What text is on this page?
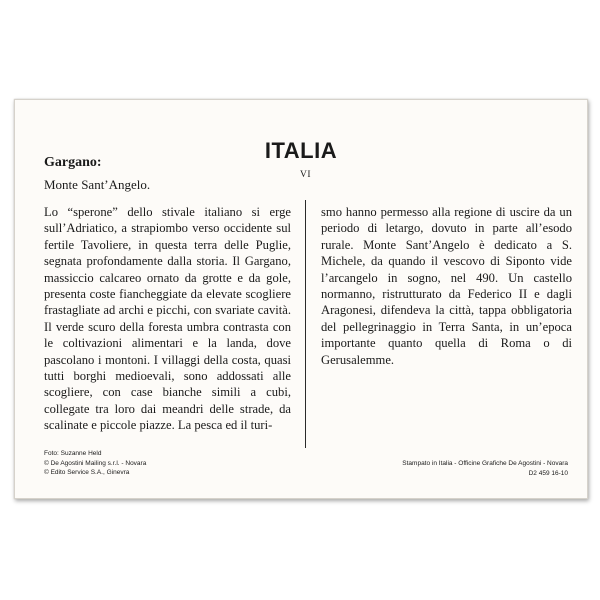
ITALIA
Gargano:
Monte Sant’Angelo.
VI
Lo “sperone” dello stivale italiano si erge sull’Adriatico, a strapiombo verso occidente sul fertile Tavoliere, in questa terra delle Puglie, segnata profondamente dalla storia. Il Gargano, massiccio calcareo ornato da grotte e da gole, presenta coste fiancheggiate da elevate scogliere frastagliate ad archi e picchi, con svariate cavità. Il verde scuro della foresta umbra contrasta con le coltivazioni alimentari e la landa, dove pascolano i montoni. I villaggi della costa, quasi tutti borghi medioevali, sono addossati alle scogliere, con case bianche simili a cubi, collegate tra loro dai meandri delle strade, da scalinate e piccole piazze. La pesca ed il turi-
smo hanno permesso alla regione di uscire da un periodo di letargo, dovuto in parte all’esodo rurale. Monte Sant’Angelo è dedicato a S. Michele, da quando il vescovo di Siponto vide l’arcangelo in sogno, nel 490. Un castello normanno, ristrutturato da Federico II e dagli Aragonesi, difendeva la città, tappa obbligatoria del pellegrinaggio in Terra Santa, in un’epoca importante quanto quella di Roma o di Gerusalemme.
Foto: Suzanne Held
© De Agostini Mailing s.r.l. - Novara
© Edito Service S.A., Ginevra
Stampato in Italia - Officine Grafiche De Agostini - Novara
D2 459 16-10
